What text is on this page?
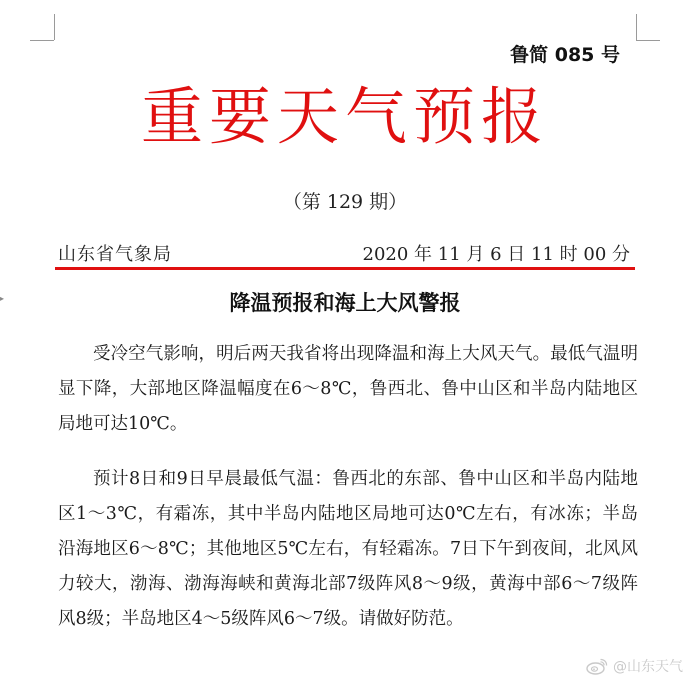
▸
鲁简 085 号
重要天气预报
（第 129 期）
山东省气象局	2020 年 11 月 6 日 11 时 00 分
降温预报和海上大风警报

受冷空气影响，明后两天我省将出现降温和海上大风天气。最低气温明显下降，大部地区降温幅度在6～8℃，鲁西北、鲁中山区和半岛内陆地区局地可达10℃。

预计8日和9日早晨最低气温：鲁西北的东部、鲁中山区和半岛内陆地区1～3℃，有霜冻，其中半岛内陆地区局地可达0℃左右，有冰冻；半岛沿海地区6～8℃；其他地区5℃左右，有轻霜冻。7日下午到夜间，北风风力较大，渤海、渤海海峡和黄海北部7级阵风8～9级，黄海中部6～7级阵风8级；半岛地区4～5级阵风6～7级。请做好防范。

@山东天气
